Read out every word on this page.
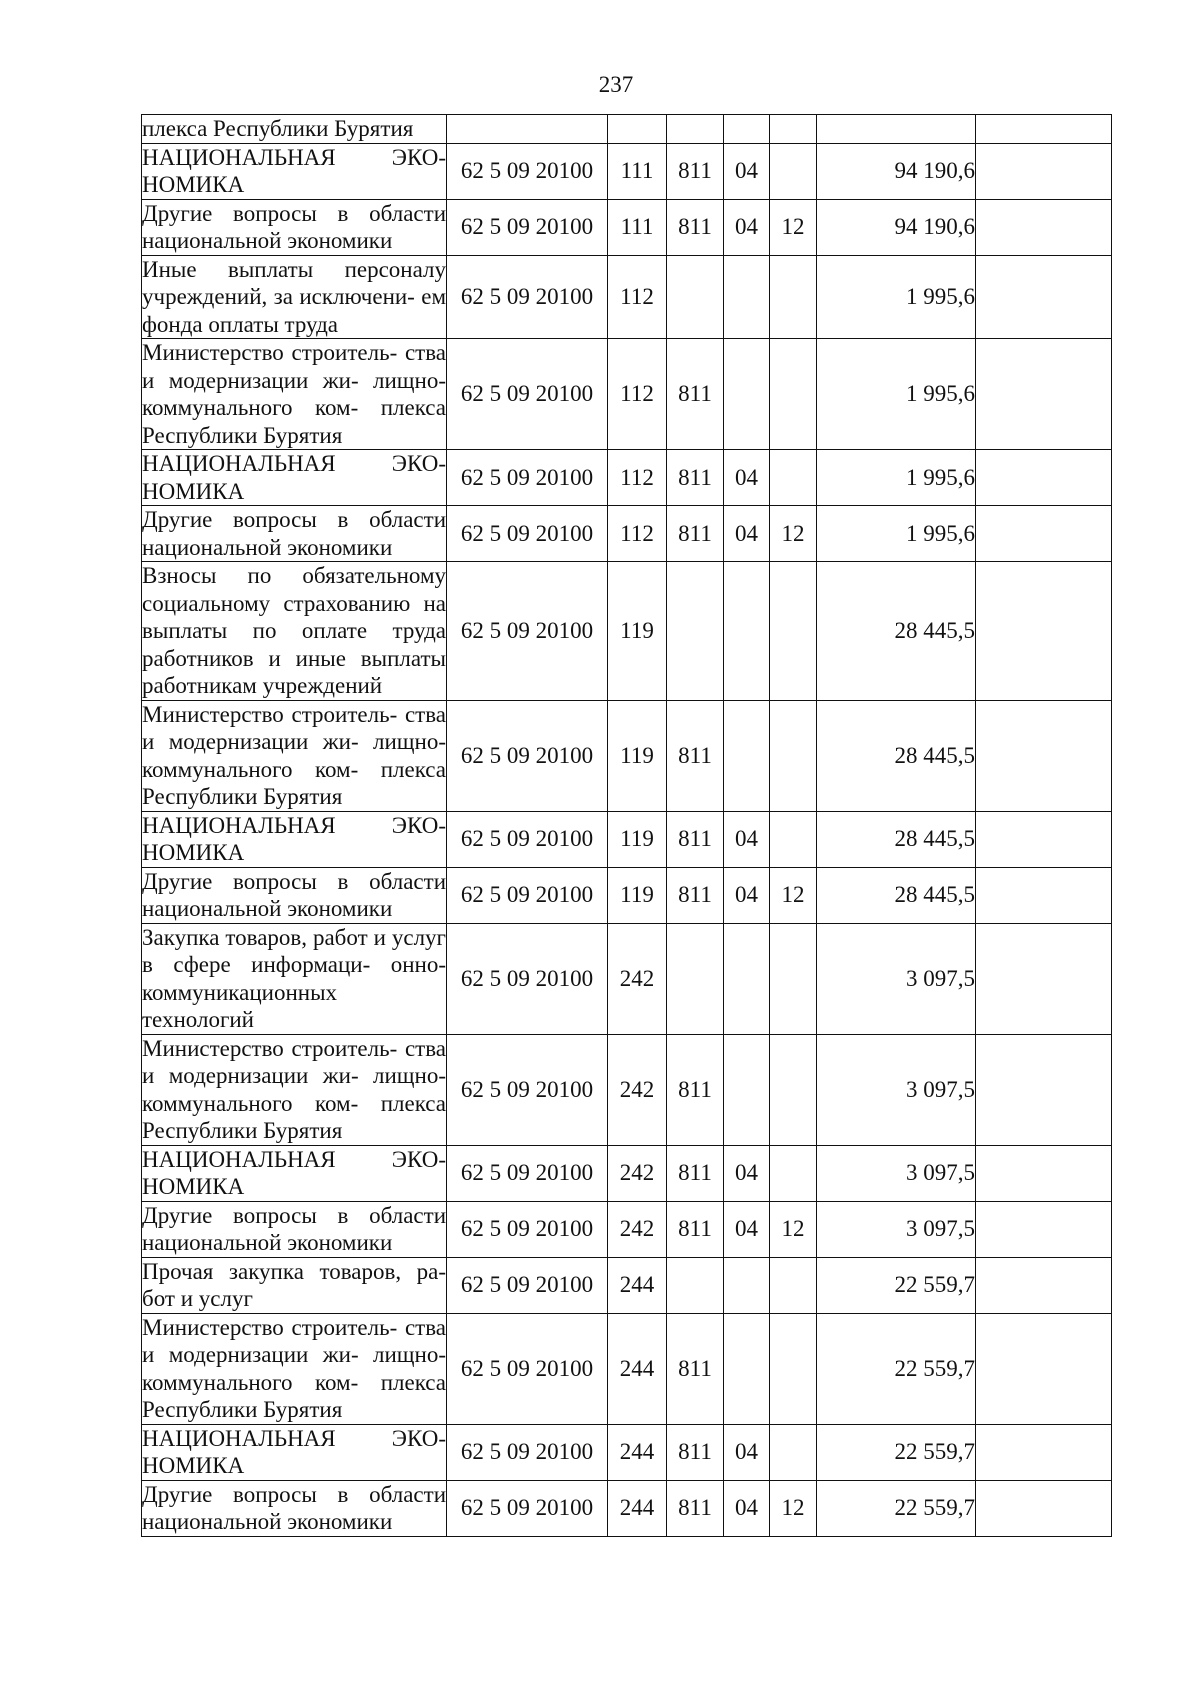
237
плекса Республики Бурятия							
НАЦИОНАЛЬНАЯ ЭКО- НОМИКА	62 5 09 20100	111	811	04		94 190,6	
Другие вопросы в области национальной экономики	62 5 09 20100	111	811	04	12	94 190,6	
Иные выплаты персоналу учреждений, за исключени- ем фонда оплаты труда	62 5 09 20100	112				1 995,6	
Министерство строитель- ства и модернизации жи- лищно-коммунального ком- плекса Республики Бурятия	62 5 09 20100	112	811			1 995,6	
НАЦИОНАЛЬНАЯ ЭКО- НОМИКА	62 5 09 20100	112	811	04		1 995,6	
Другие вопросы в области национальной экономики	62 5 09 20100	112	811	04	12	1 995,6	
Взносы по обязательному социальному страхованию на выплаты по оплате труда работников и иные выплаты работникам учреждений	62 5 09 20100	119				28 445,5	
Министерство строитель- ства и модернизации жи- лищно-коммунального ком- плекса Республики Бурятия	62 5 09 20100	119	811			28 445,5	
НАЦИОНАЛЬНАЯ ЭКО- НОМИКА	62 5 09 20100	119	811	04		28 445,5	
Другие вопросы в области национальной экономики	62 5 09 20100	119	811	04	12	28 445,5	
Закупка товаров, работ и услуг в сфере информаци- онно-коммуникационных технологий	62 5 09 20100	242				3 097,5	
Министерство строитель- ства и модернизации жи- лищно-коммунального ком- плекса Республики Бурятия	62 5 09 20100	242	811			3 097,5	
НАЦИОНАЛЬНАЯ ЭКО- НОМИКА	62 5 09 20100	242	811	04		3 097,5	
Другие вопросы в области национальной экономики	62 5 09 20100	242	811	04	12	3 097,5	
Прочая закупка товаров, ра- бот и услуг	62 5 09 20100	244				22 559,7	
Министерство строитель- ства и модернизации жи- лищно-коммунального ком- плекса Республики Бурятия	62 5 09 20100	244	811			22 559,7	
НАЦИОНАЛЬНАЯ ЭКО- НОМИКА	62 5 09 20100	244	811	04		22 559,7	
Другие вопросы в области национальной экономики	62 5 09 20100	244	811	04	12	22 559,7	
